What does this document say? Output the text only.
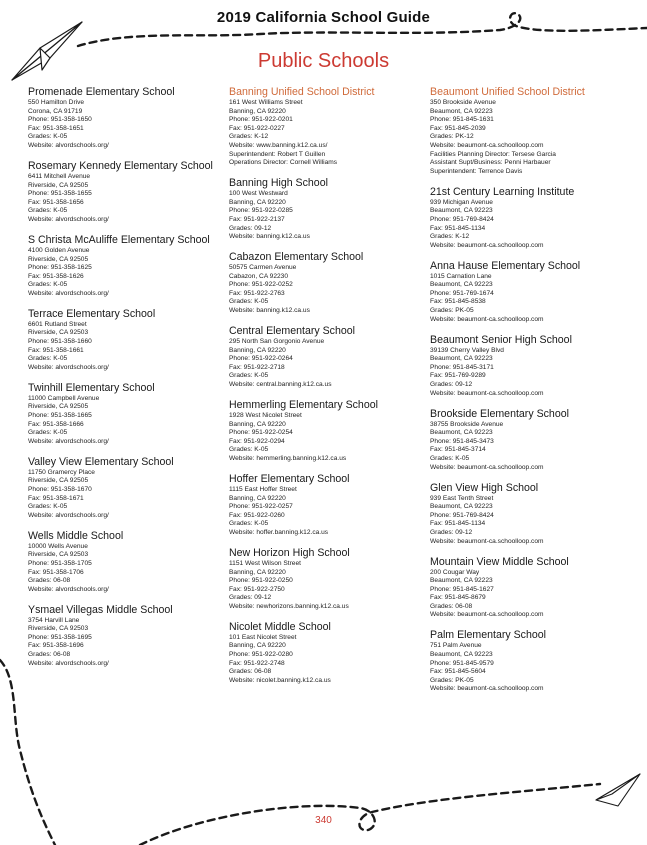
2019 California School Guide
Public Schools
Promenade Elementary School
550 Hamilton Drive
Corona, CA 91719
Phone: 951-358-1650
Fax: 951-358-1651
Grades: K-05
Website: alvordschools.org/
Rosemary Kennedy Elementary School
6411 Mitchell Avenue
Riverside, CA 92505
Phone: 951-358-1655
Fax: 951-358-1656
Grades: K-05
Website: alvordschools.org/
S Christa McAuliffe Elementary School
4100 Golden Avenue
Riverside, CA 92505
Phone: 951-358-1625
Fax: 951-358-1626
Grades: K-05
Website: alvordschools.org/
Terrace Elementary School
6601 Rutland Street
Riverside, CA 92503
Phone: 951-358-1660
Fax: 951-358-1661
Grades: K-05
Website: alvordschools.org/
Twinhill Elementary School
11000 Campbell Avenue
Riverside, CA 92505
Phone: 951-358-1665
Fax: 951-358-1666
Grades: K-05
Website: alvordschools.org/
Valley View Elementary School
11750 Gramercy Place
Riverside, CA 92505
Phone: 951-358-1670
Fax: 951-358-1671
Grades: K-05
Website: alvordschools.org/
Wells Middle School
10000 Wells Avenue
Riverside, CA 92503
Phone: 951-358-1705
Fax: 951-358-1706
Grades: 06-08
Website: alvordschools.org/
Ysmael Villegas Middle School
3754 Harvill Lane
Riverside, CA 92503
Phone: 951-358-1695
Fax: 951-358-1696
Grades: 06-08
Website: alvordschools.org/
Banning Unified School District
161 West Williams Street
Banning, CA 92220
Phone: 951-922-0201
Fax: 951-922-0227
Grades: K-12
Website: www.banning.k12.ca.us/
Superintendent: Robert T Guillen
Operations Director: Cornell Williams
Banning High School
100 West Westward
Banning, CA 92220
Phone: 951-922-0285
Fax: 951-922-2137
Grades: 09-12
Website: banning.k12.ca.us
Cabazon Elementary School
50575 Carmen Avenue
Cabazon, CA 92230
Phone: 951-922-0252
Fax: 951-922-2763
Grades: K-05
Website: banning.k12.ca.us
Central Elementary School
295 North San Gorgonio Avenue
Banning, CA 92220
Phone: 951-922-0264
Fax: 951-922-2718
Grades: K-05
Website: central.banning.k12.ca.us
Hemmerling Elementary School
1928 West Nicolet Street
Banning, CA 92220
Phone: 951-922-0254
Fax: 951-922-0294
Grades: K-05
Website: hemmerling.banning.k12.ca.us
Hoffer Elementary School
1115 East Hoffer Street
Banning, CA 92220
Phone: 951-922-0257
Fax: 951-922-0260
Grades: K-05
Website: hoffer.banning.k12.ca.us
New Horizon High School
1151 West Wilson Street
Banning, CA 92220
Phone: 951-922-0250
Fax: 951-922-2750
Grades: 09-12
Website: newhorizons.banning.k12.ca.us
Nicolet Middle School
101 East Nicolet Street
Banning, CA 92220
Phone: 951-922-0280
Fax: 951-922-2748
Grades: 06-08
Website: nicolet.banning.k12.ca.us
Beaumont Unified School District
350 Brookside Avenue
Beaumont, CA 92223
Phone: 951-845-1631
Fax: 951-845-2039
Grades: PK-12
Website: beaumont-ca.schoolloop.com
Facilities Planning Director: Tersese Garcia
Assistant Supt/Business: Penni Harbauer
Superintendent: Terrence Davis
21st Century Learning Institute
939 Michigan Avenue
Beaumont, CA 92223
Phone: 951-769-8424
Fax: 951-845-1134
Grades: K-12
Website: beaumont-ca.schoolloop.com
Anna Hause Elementary School
1015 Carnation Lane
Beaumont, CA 92223
Phone: 951-769-1674
Fax: 951-845-8538
Grades: PK-05
Website: beaumont-ca.schoolloop.com
Beaumont Senior High School
39139 Cherry Valley Blvd
Beaumont, CA 92223
Phone: 951-845-3171
Fax: 951-769-9289
Grades: 09-12
Website: beaumont-ca.schoolloop.com
Brookside Elementary School
38755 Brookside Avenue
Beaumont, CA 92223
Phone: 951-845-3473
Fax: 951-845-3714
Grades: K-05
Website: beaumont-ca.schoolloop.com
Glen View High School
939 East Tenth Street
Beaumont, CA 92223
Phone: 951-769-8424
Fax: 951-845-1134
Grades: 09-12
Website: beaumont-ca.schoolloop.com
Mountain View Middle School
200 Cougar Way
Beaumont, CA 92223
Phone: 951-845-1627
Fax: 951-845-8679
Grades: 06-08
Website: beaumont-ca.schoolloop.com
Palm Elementary School
751 Palm Avenue
Beaumont, CA 92223
Phone: 951-845-9579
Fax: 951-845-5604
Grades: PK-05
Website: beaumont-ca.schoolloop.com
340
